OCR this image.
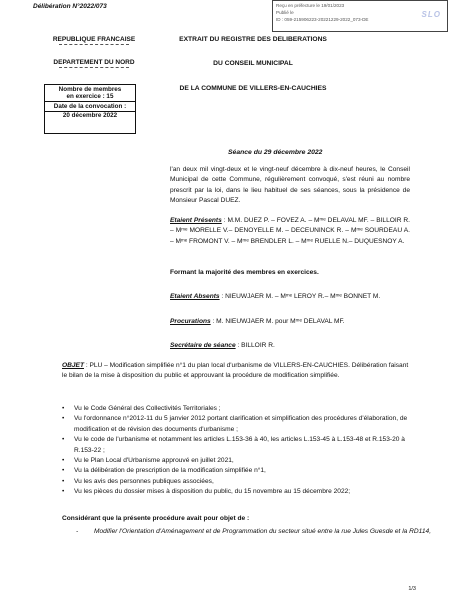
Délibération N°2022/073	Reçu en préfecture le 19/01/2023
Publié le
ID : 059-215906223-20221229-2022_073-DE
SLO
REPUBLIQUE FRANCAISE
DEPARTEMENT DU NORD
Nombre de membres
en exercice : 15
Date de la convocation :
20 décembre 2022
EXTRAIT DU REGISTRE DES DELIBERATIONS
DU CONSEIL MUNICIPAL
DE LA COMMUNE DE VILLERS-EN-CAUCHIES
Séance du 29 décembre 2022
l'an deux mil vingt-deux et le vingt-neuf décembre à dix-neuf heures, le Conseil Municipal de cette Commune, régulièrement convoqué, s'est réuni au nombre prescrit par la loi, dans le lieu habituel de ses séances, sous la présidence de Monsieur Pascal DUEZ.
Etaient Présents : M.M. DUEZ P. – FOVEZ A. – Mᵐᵉ DELAVAL MF. – BILLOIR R. – Mᵐᵉ MORELLE V.– DENOYELLE M. – DECEUNINCK R. – Mᵐᵉ SOURDEAU A. – Mᵐᵉ FROMONT V. – Mᵐᵉ BRENDLER L. – Mᵐᵉ RUELLE N.– DUQUESNOY A.
Formant la majorité des membres en exercices.
Etaient Absents : NIEUWJAER M. – Mᵐᵉ LEROY R.– Mᵐᵉ BONNET M.
Procurations : M. NIEUWJAER M. pour Mᵐᵉ DELAVAL MF.
Secrétaire de séance : BILLOIR R.
OBJET : PLU – Modification simplifiée n°1 du plan local d'urbanisme de VILLERS-EN-CAUCHIES. Délibération faisant le bilan de la mise à disposition du public et approuvant la procédure de modification simplifiée.
• Vu le Code Général des Collectivités Territoriales ;
• Vu l'ordonnance n°2012-11 du 5 janvier 2012 portant clarification et simplification des procédures d'élaboration, de modification et de révision des documents d'urbanisme ;
• Vu le code de l'urbanisme et notamment les articles L.153-36 à 40, les articles L.153-45 à L.153-48 et R.153-20 à R.153-22 ;
• Vu le Plan Local d'Urbanisme approuvé en juillet 2021,
• Vu la délibération de prescription de la modification simplifiée n°1,
• Vu les avis des personnes publiques associées,
• Vu les pièces du dossier mises à disposition du public, du 15 novembre au 15 décembre 2022;
Considérant que la présente procédure avait pour objet de :
- Modifier l'Orientation d'Aménagement et de Programmation du secteur situé entre la rue Jules Guesde et la RD114,
1/3
